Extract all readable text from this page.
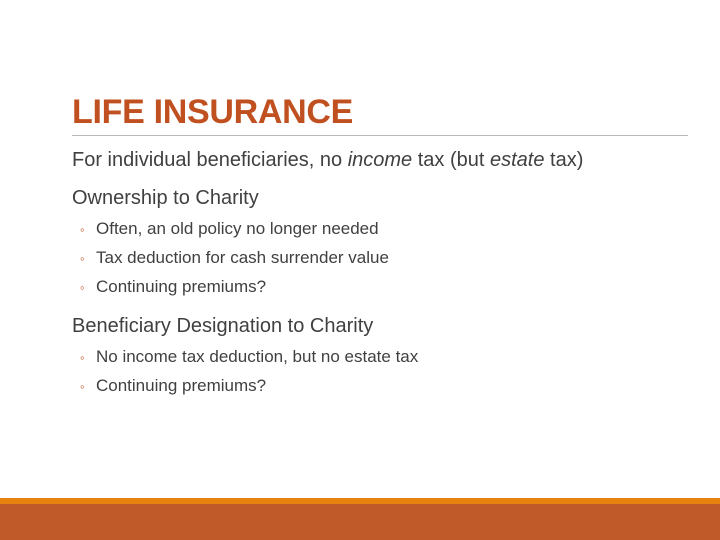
LIFE INSURANCE

For individual beneficiaries, no income tax (but estate tax)

Ownership to Charity

◦ Often, an old policy no longer needed
◦ Tax deduction for cash surrender value
◦ Continuing premiums?

Beneficiary Designation to Charity

◦ No income tax deduction, but no estate tax
◦ Continuing premiums?
